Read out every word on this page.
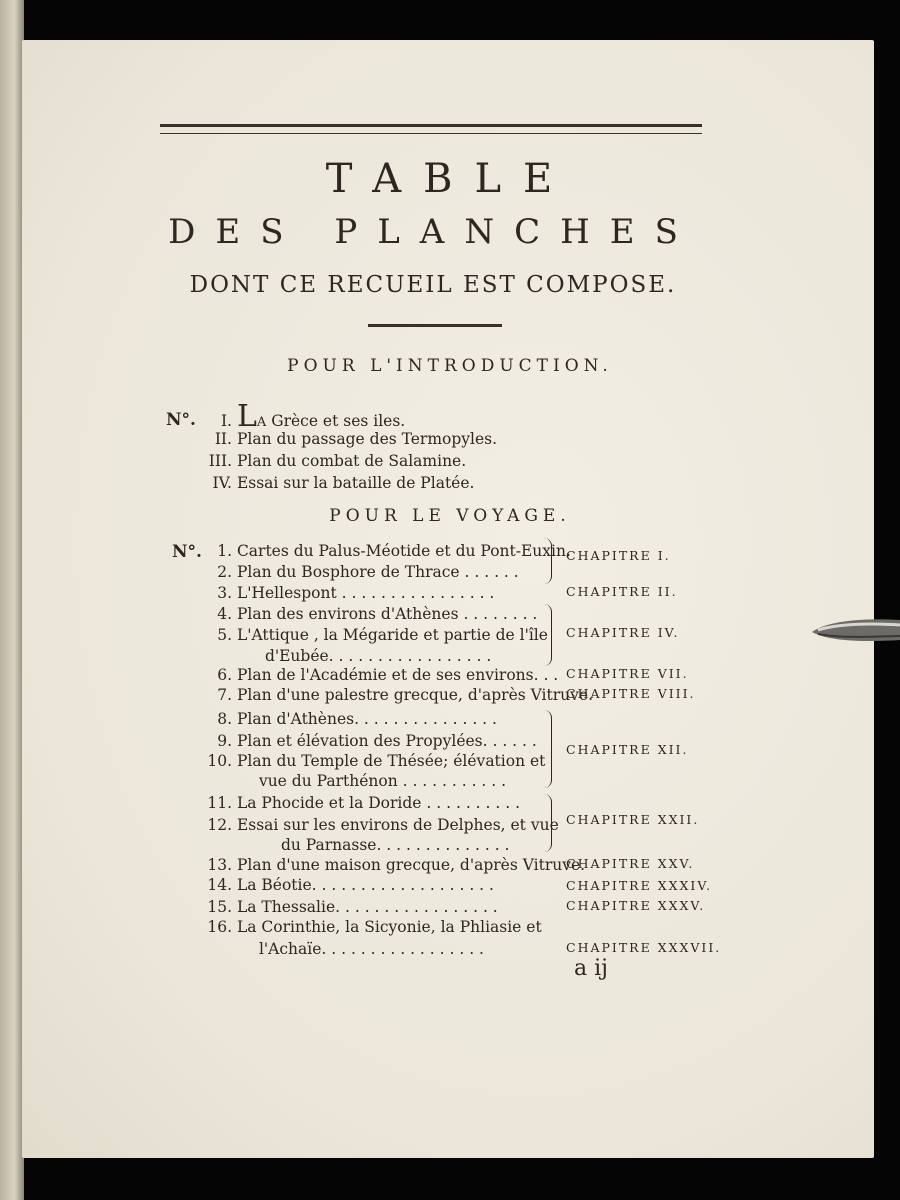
TABLE
DES PLANCHES
DONT CE RECUEIL EST COMPOSE.
POUR L'INTRODUCTION.
N°.	I. LA Grèce et ses iles.
II. Plan du passage des Termopyles.
III. Plan du combat de Salamine.
IV. Essai sur la bataille de Platée.
POUR LE VOYAGE.
N°. 1. Cartes du Palus-Méotide et du Pont-Euxin.
2. Plan du Bosphore de Thrace . . . . . .
3. L'Hellespont . . . . . . . . . . . . . . . .
4. Plan des environs d'Athènes . . . . . . . .
5. L'Attique , la Mégaride et partie de l'île
d'Eubée. . . . . . . . . . . . . . . . .
6. Plan de l'Académie et de ses environs. . .
7. Plan d'une palestre grecque, d'après Vitruve.
8. Plan d'Athènes. . . . . . . . . . . . . . .
9. Plan et élévation des Propylées. . . . . .
10. Plan du Temple de Thésée; élévation et
vue du Parthénon . . . . . . . . . . .
11. La Phocide et la Doride . . . . . . . . . .
12. Essai sur les environs de Delphes, et vue
du Parnasse. . . . . . . . . . . . . .
13. Plan d'une maison grecque, d'après Vitruve.
14. La Béotie. . . . . . . . . . . . . . . . . . .
15. La Thessalie. . . . . . . . . . . . . . . . .
16. La Corinthie, la Sicyonie, la Phliasie et
l'Achaïe. . . . . . . . . . . . . . . . .
CHAPITRE I.
CHAPITRE II.
CHAPITRE IV.
CHAPITRE VII.
CHAPITRE VIII.
CHAPITRE XII.
CHAPITRE XXII.
CHAPITRE XXV.
CHAPITRE XXXIV.
CHAPITRE XXXV.
CHAPITRE XXXVII.
a ij
